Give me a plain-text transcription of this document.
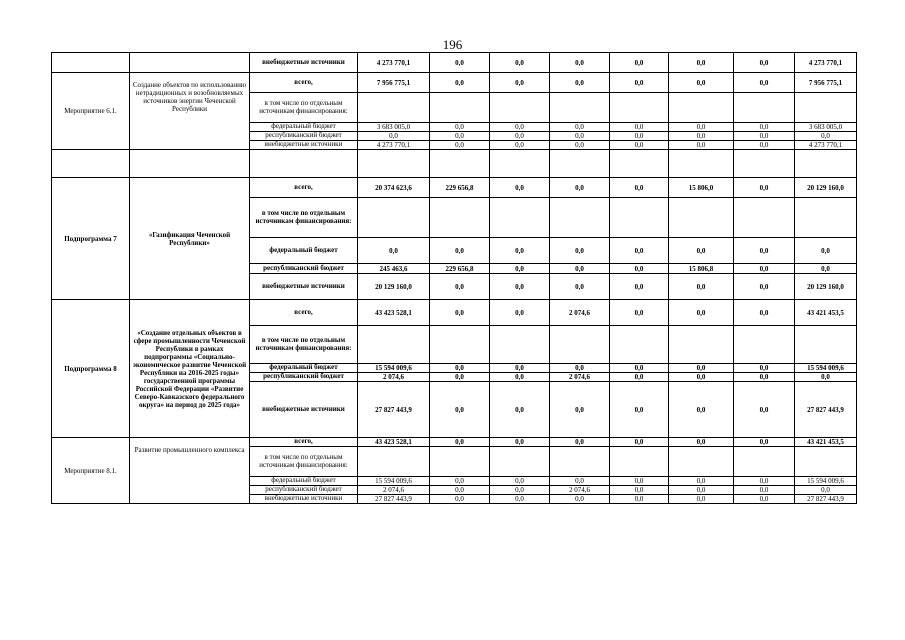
196
		внебюджетные источники	4 273 770,1	0,0	0,0	0,0	0,0	0,0	0,0	4 273 770,1
Мероприятие 6.1.	Создание объектов по использованию нетрадиционных и возобновляемых источников энергии Чеченской Республики	всего,	7 956 775,1	0,0	0,0	0,0	0,0	0,0	0,0	7 956 775,1
		в том числе по отдельным источникам финансирования:								
		федеральный бюджет	3 683 005,0	0,0	0,0	0,0	0,0	0,0	0,0	3 683 005,0
		республиканский бюджет	0,0	0,0	0,0	0,0	0,0	0,0	0,0	0,0
		внебюджетные источники	4 273 770,1	0,0	0,0	0,0	0,0	0,0	0,0	4 273 770,1

Подпрограмма 7	«Газификация Чеченской Республики»	всего,	20 374 623,6	229 656,8	0,0	0,0	0,0	15 806,0	0,0	20 129 160,0
		в том числе по отдельным источникам финансирования:								
		федеральный бюджет	0,0	0,0	0,0	0,0	0,0	0,0	0,0	0,0
		республиканский бюджет	245 463,6	229 656,8	0,0	0,0	0,0	15 806,8	0,0	0,0
		внебюджетные источники	20 129 160,0	0,0	0,0	0,0	0,0	0,0	0,0	20 129 160,0
Подпрограмма 8	«Создание отдельных объектов в сфере промышленности Чеченской Республики в рамках подпрограммы «Социально-экономическое развитие Чеченской Республики на 2016-2025 годы» государственной программы Российской Федерации «Развитие Северо-Кавказского федерального округа» на период до 2025 года»	всего,	43 423 528,1	0,0	0,0	2 074,6	0,0	0,0	0,0	43 421 453,5
		в том числе по отдельным источникам финансирования:								
		федеральный бюджет	15 594 009,6	0,0	0,0	0,0	0,0	0,0	0,0	15 594 009,6
		республиканский бюджет	2 074,6	0,0	0,0	2 074,6	0,0	0,0	0,0	0,0
		внебюджетные источники	27 827 443,9	0,0	0,0	0,0	0,0	0,0	0,0	27 827 443,9
Мероприятие 8.1.	Развитие промышленного комплекса	всего,	43 423 528,1	0,0	0,0	0,0	0,0	0,0	0,0	43 421 453,5
		в том числе по отдельным источникам финансирования:								
		федеральный бюджет	15 594 009,6	0,0	0,0	0,0	0,0	0,0	0,0	15 594 009,6
		республиканский бюджет	2 074,6	0,0	0,0	2 074,6	0,0	0,0	0,0	0,0
		внебюджетные источники	27 827 443,9	0,0	0,0	0,0	0,0	0,0	0,0	27 827 443,9
